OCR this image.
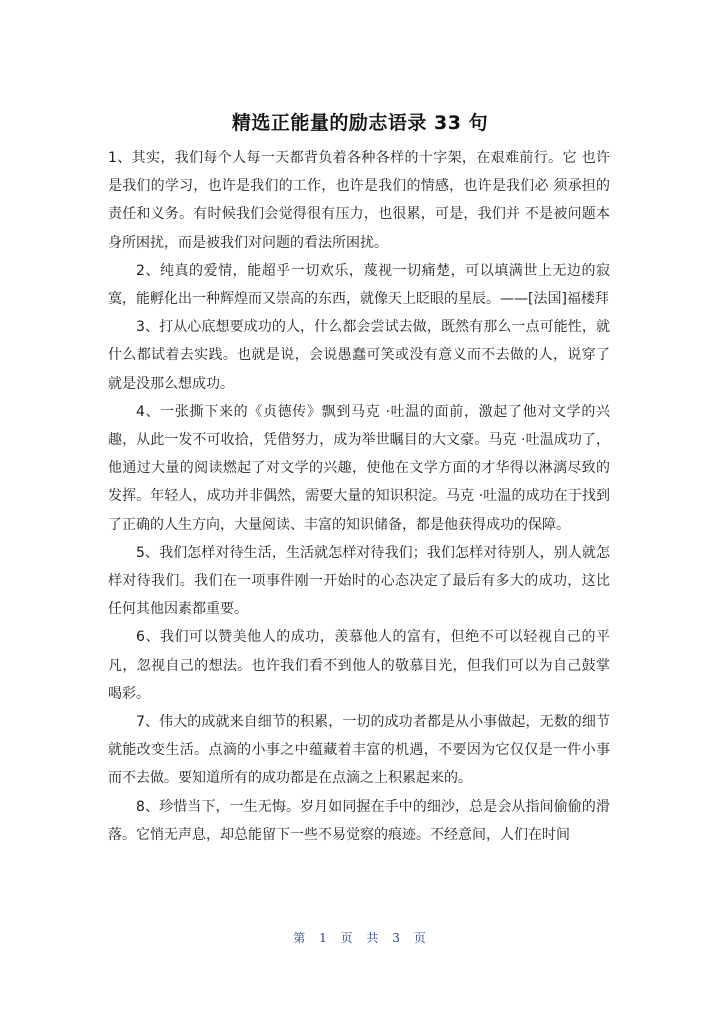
精选正能量的励志语录 33 句

1、其实，我们每个人每一天都背负着各种各样的十字架，在艰难前行。它 也许是我们的学习，也许是我们的工作，也许是我们的情感，也许是我们必 须承担的责任和义务。有时候我们会觉得很有压力，也很累，可是，我们并 不是被问题本身所困扰，而是被我们对问题的看法所困扰。

2、纯真的爱情，能超乎一切欢乐，蔑视一切痛楚，可以填满世上无边的寂寞，能孵化出一种辉煌而又崇高的东西，就像天上眨眼的星辰。——[法国]福楼拜

3、打从心底想要成功的人，什么都会尝试去做，既然有那么一点可能性，就什么都试着去实践。也就是说，会说愚蠢可笑或没有意义而不去做的人，说穿了就是没那么想成功。

4、一张撕下来的《贞德传》飘到马克 ·吐温的面前，激起了他对文学的兴趣，从此一发不可收拾，凭借努力，成为举世瞩目的大文豪。马克 ·吐温成功了，他通过大量的阅读燃起了对文学的兴趣，使他在文学方面的才华得以淋漓尽致的发挥。年轻人，成功并非偶然，需要大量的知识积淀。马克 ·吐温的成功在于找到了正确的人生方向，大量阅读、丰富的知识储备，都是他获得成功的保障。

5、我们怎样对待生活，生活就怎样对待我们；我们怎样对待别人，别人就怎样对待我们。我们在一项事件刚一开始时的心态决定了最后有多大的成功，这比任何其他因素都重要。

6、我们可以赞美他人的成功，羡慕他人的富有，但绝不可以轻视自己的平凡，忽视自己的想法。也许我们看不到他人的敬慕目光，但我们可以为自己鼓掌喝彩。

7、伟大的成就来自细节的积累，一切的成功者都是从小事做起，无数的细节就能改变生活。点滴的小事之中蕴藏着丰富的机遇，不要因为它仅仅是一件小事而不去做。要知道所有的成功都是在点滴之上积累起来的。

8、珍惜当下，一生无悔。岁月如同握在手中的细沙，总是会从指间偷偷的滑落。它悄无声息，却总能留下一些不易觉察的痕迹。不经意间，人们在时间

第 1 页 共 3 页
